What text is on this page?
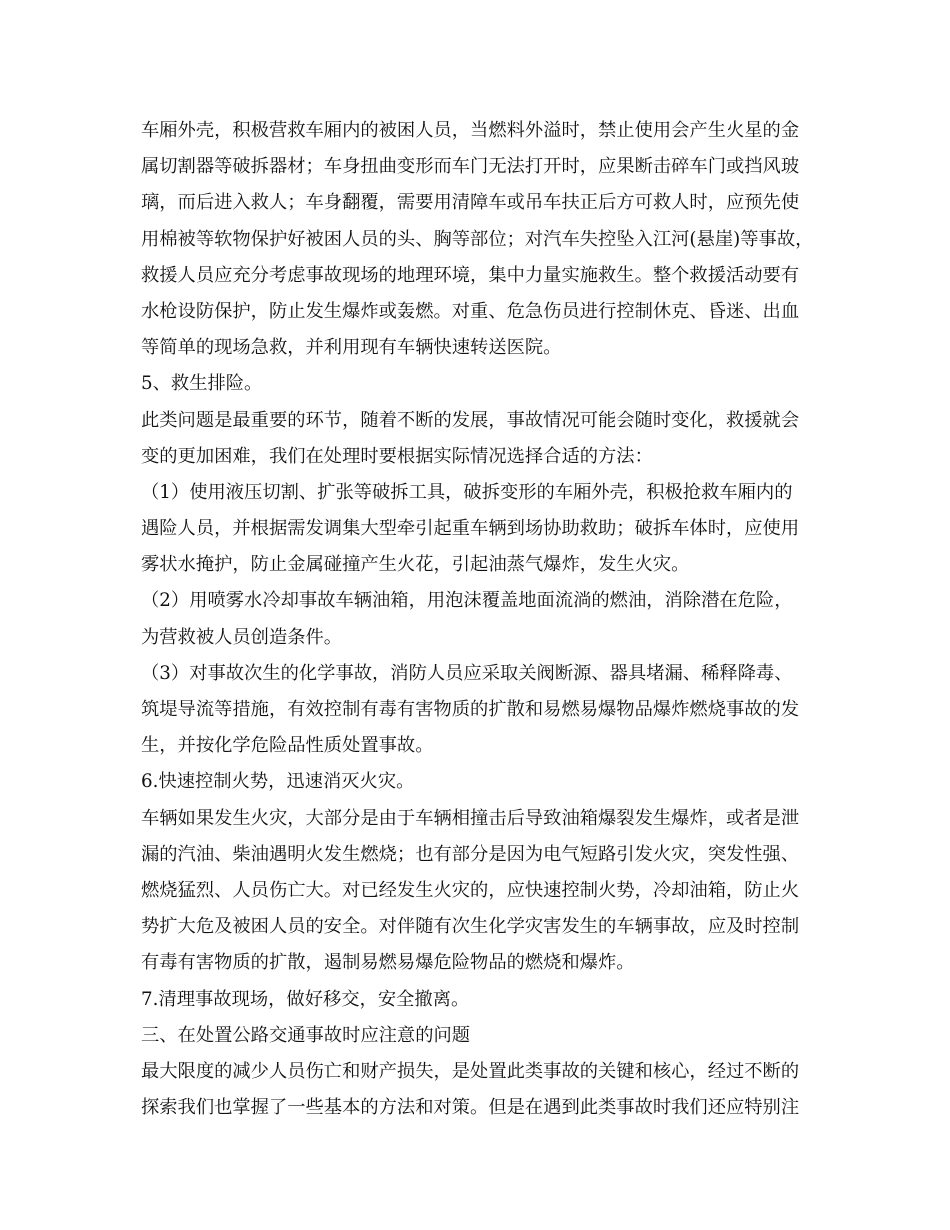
车厢外壳，积极营救车厢内的被困人员，当燃料外溢时，禁止使用会产生火星的金
属切割器等破拆器材；车身扭曲变形而车门无法打开时，应果断击碎车门或挡风玻
璃，而后进入救人；车身翻覆，需要用清障车或吊车扶正后方可救人时，应预先使
用棉被等软物保护好被困人员的头、胸等部位；对汽车失控坠入江河(悬崖)等事故，
救援人员应充分考虑事故现场的地理环境，集中力量实施救生。整个救援活动要有
水枪设防保护，防止发生爆炸或轰燃。对重、危急伤员进行控制休克、昏迷、出血
等简单的现场急救，并利用现有车辆快速转送医院。
5、救生排险。
此类问题是最重要的环节，随着不断的发展，事故情况可能会随时变化，救援就会
变的更加困难，我们在处理时要根据实际情况选择合适的方法：
（1）使用液压切割、扩张等破拆工具，破拆变形的车厢外壳，积极抢救车厢内的
遇险人员，并根据需发调集大型牵引起重车辆到场协助救助；破拆车体时，应使用
雾状水掩护，防止金属碰撞产生火花，引起油蒸气爆炸，发生火灾。
（2）用喷雾水冷却事故车辆油箱，用泡沫覆盖地面流淌的燃油，消除潜在危险，
为营救被人员创造条件。
（3）对事故次生的化学事故，消防人员应采取关阀断源、器具堵漏、稀释降毒、
筑堤导流等措施，有效控制有毒有害物质的扩散和易燃易爆物品爆炸燃烧事故的发
生，并按化学危险品性质处置事故。
6.快速控制火势，迅速消灭火灾。
车辆如果发生火灾，大部分是由于车辆相撞击后导致油箱爆裂发生爆炸，或者是泄
漏的汽油、柴油遇明火发生燃烧；也有部分是因为电气短路引发火灾，突发性强、
燃烧猛烈、人员伤亡大。对已经发生火灾的，应快速控制火势，冷却油箱，防止火
势扩大危及被困人员的安全。对伴随有次生化学灾害发生的车辆事故，应及时控制
有毒有害物质的扩散，遏制易燃易爆危险物品的燃烧和爆炸。
7.清理事故现场，做好移交，安全撤离。
三、在处置公路交通事故时应注意的问题
最大限度的减少人员伤亡和财产损失，是处置此类事故的关键和核心，经过不断的
探索我们也掌握了一些基本的方法和对策。但是在遇到此类事故时我们还应特别注
